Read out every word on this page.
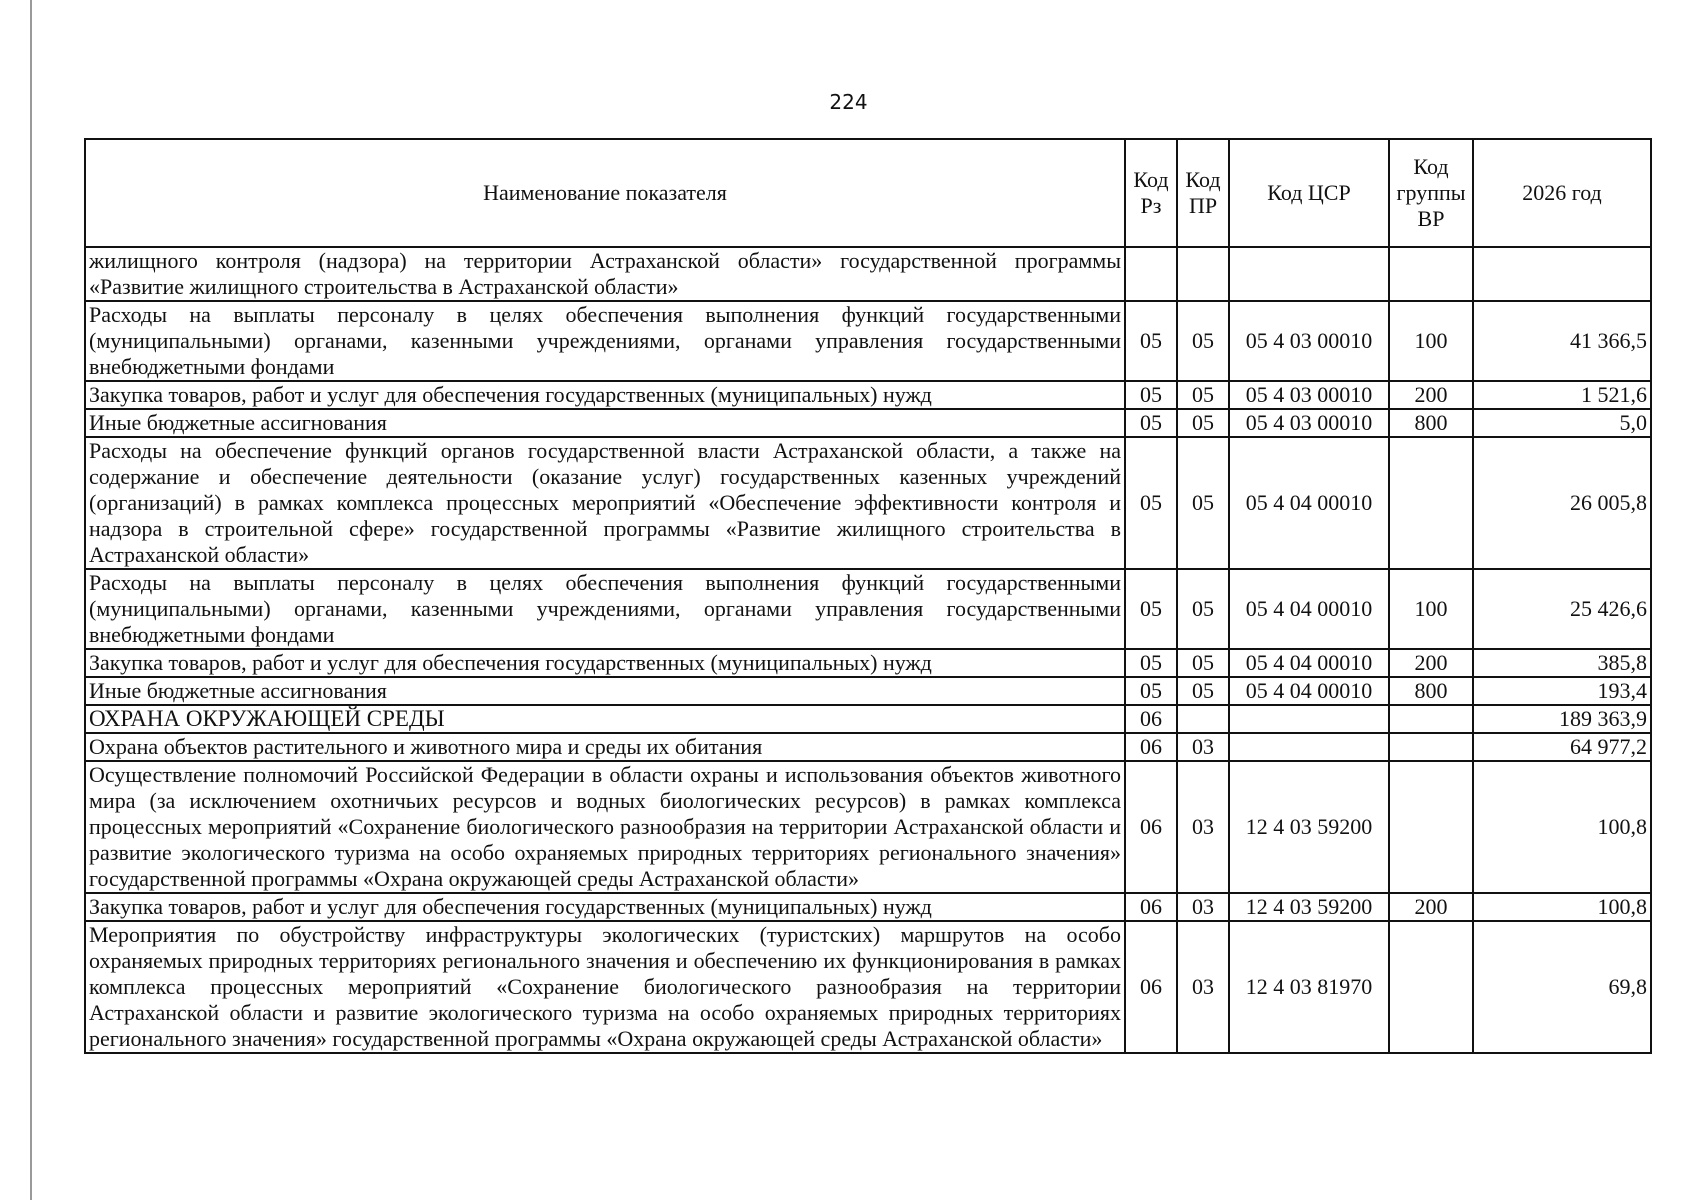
224
Наименование показателя	Код Рз	Код ПР	Код ЦСР	Код группы ВР	2026 год
жилищного контроля (надзора) на территории Астраханской области» государственной программы «Развитие жилищного строительства в Астраханской области»					
Расходы на выплаты персоналу в целях обеспечения выполнения функций государственными (муниципальными) органами, казенными учреждениями, органами управления государственными внебюджетными фондами	05	05	05 4 03 00010	100	41 366,5
Закупка товаров, работ и услуг для обеспечения государственных (муниципальных) нужд	05	05	05 4 03 00010	200	1 521,6
Иные бюджетные ассигнования	05	05	05 4 03 00010	800	5,0
Расходы на обеспечение функций органов государственной власти Астраханской области, а также на содержание и обеспечение деятельности (оказание услуг) государственных казенных учреждений (организаций) в рамках комплекса процессных мероприятий «Обеспечение эффективности контроля и надзора в строительной сфере» государственной программы «Развитие жилищного строительства в Астраханской области»	05	05	05 4 04 00010		26 005,8
Расходы на выплаты персоналу в целях обеспечения выполнения функций государственными (муниципальными) органами, казенными учреждениями, органами управления государственными внебюджетными фондами	05	05	05 4 04 00010	100	25 426,6
Закупка товаров, работ и услуг для обеспечения государственных (муниципальных) нужд	05	05	05 4 04 00010	200	385,8
Иные бюджетные ассигнования	05	05	05 4 04 00010	800	193,4
ОХРАНА ОКРУЖАЮЩЕЙ СРЕДЫ	06				189 363,9
Охрана объектов растительного и животного мира и среды их обитания	06	03			64 977,2
Осуществление полномочий Российской Федерации в области охраны и использования объектов животного мира (за исключением охотничьих ресурсов и водных биологических ресурсов) в рамках комплекса процессных мероприятий «Сохранение биологического разнообразия на территории Астраханской области и развитие экологического туризма на особо охраняемых природных территориях регионального значения» государственной программы «Охрана окружающей среды Астраханской области»	06	03	12 4 03 59200		100,8
Закупка товаров, работ и услуг для обеспечения государственных (муниципальных) нужд	06	03	12 4 03 59200	200	100,8
Мероприятия по обустройству инфраструктуры экологических (туристских) маршрутов на особо охраняемых природных территориях регионального значения и обеспечению их функционирования в рамках комплекса процессных мероприятий «Сохранение биологического разнообразия на территории Астраханской области и развитие экологического туризма на особо охраняемых природных территориях регионального значения» государственной программы «Охрана окружающей среды Астраханской области»	06	03	12 4 03 81970		69,8
